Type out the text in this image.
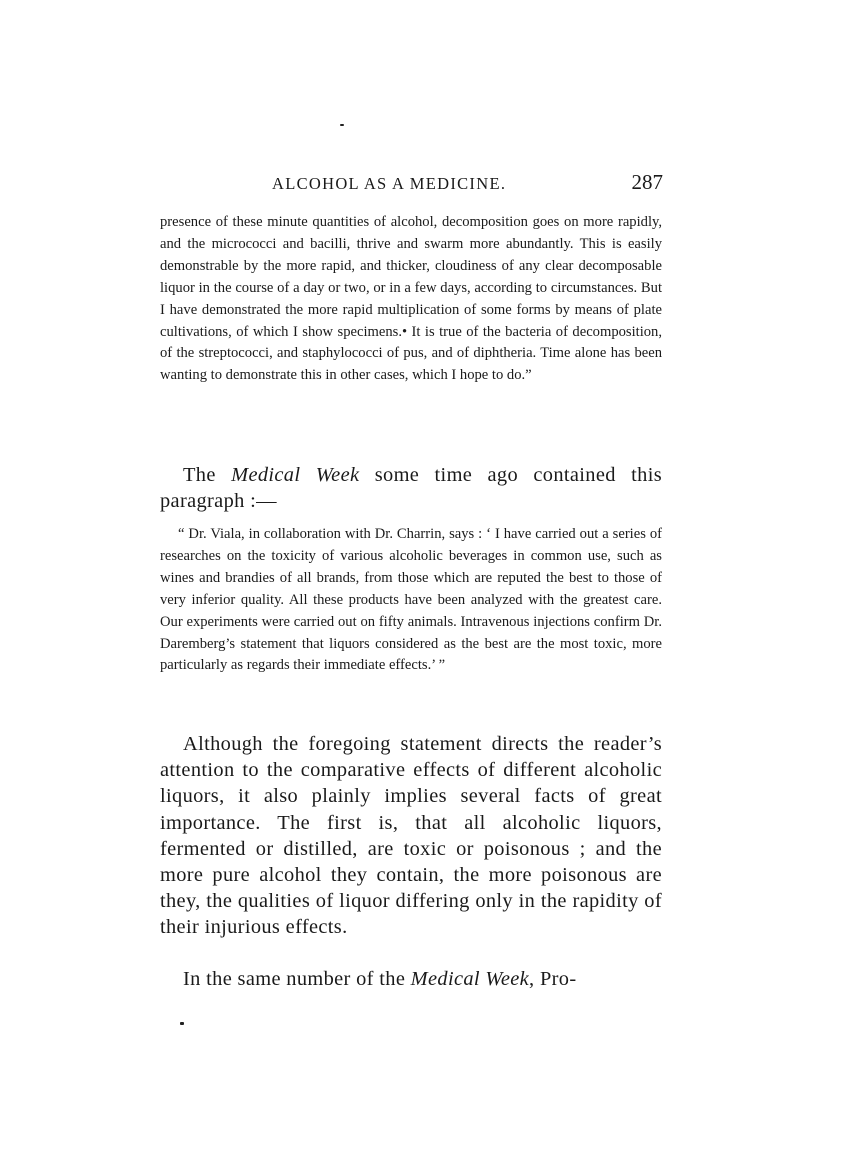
ALCOHOL AS A MEDICINE.	287

presence of these minute quantities of alcohol, decomposition goes on more rapidly, and the micrococci and bacilli, thrive and swarm more abundantly. This is easily demonstrable by the more rapid, and thicker, cloudiness of any clear decomposable liquor in the course of a day or two, or in a few days, according to circumstances. But I have demonstrated the more rapid multiplication of some forms by means of plate cultivations, of which I show specimens.• It is true of the bacteria of decomposition, of the streptococci, and staphylococci of pus, and of diphtheria. Time alone has been wanting to demonstrate this in other cases, which I hope to do.”

The Medical Week some time ago contained this paragraph :—

“ Dr. Viala, in collaboration with Dr. Charrin, says : ‘ I have carried out a series of researches on the toxicity of various alcoholic beverages in common use, such as wines and brandies of all brands, from those which are reputed the best to those of very inferior quality. All these products have been analyzed with the greatest care. Our experiments were carried out on fifty animals. Intravenous injections confirm Dr. Daremberg’s statement that liquors considered as the best are the most toxic, more particularly as regards their immediate effects.’ ”

Although the foregoing statement directs the reader’s attention to the comparative effects of different alcoholic liquors, it also plainly implies several facts of great importance. The first is, that all alcoholic liquors, fermented or distilled, are toxic or poisonous ; and the more pure alcohol they contain, the more poisonous are they, the qualities of liquor differing only in the rapidity of their injurious effects.

In the same number of the Medical Week, Pro-
